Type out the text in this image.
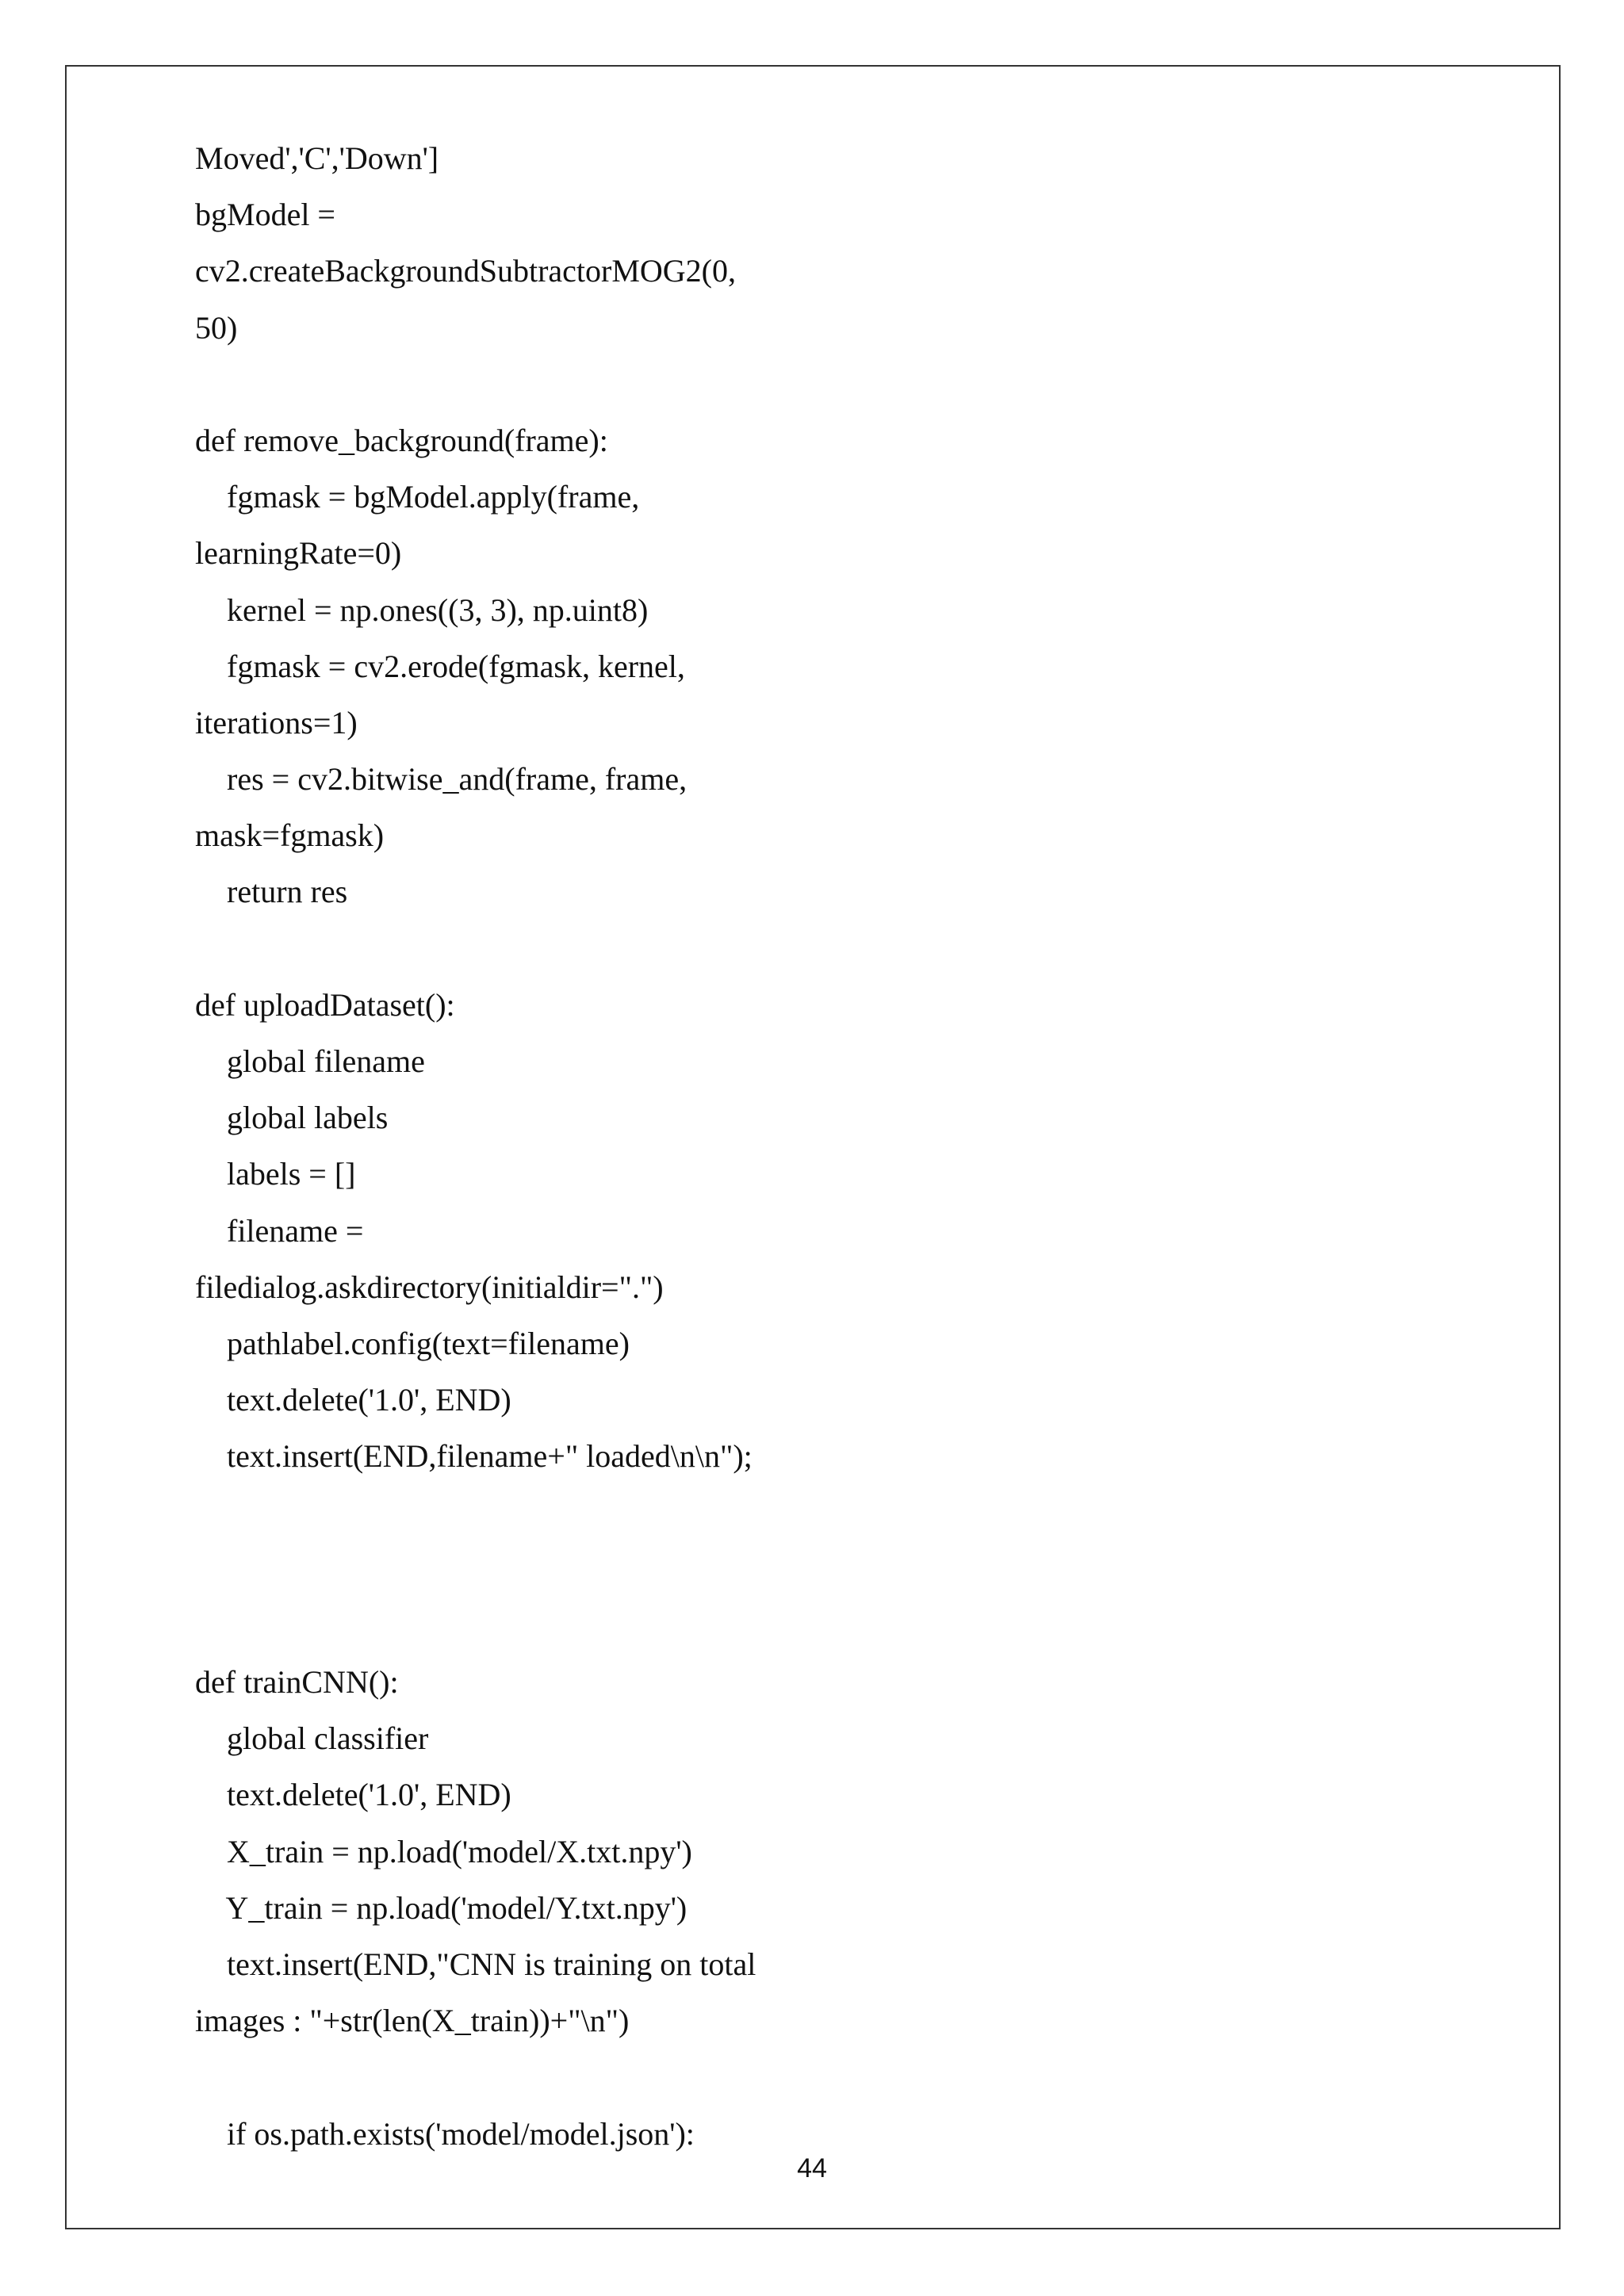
Moved','C','Down']
bgModel =
cv2.createBackgroundSubtractorMOG2(0,
50)
def remove_background(frame):
fgmask = bgModel.apply(frame,
learningRate=0)
kernel = np.ones((3, 3), np.uint8)
fgmask = cv2.erode(fgmask, kernel,
iterations=1)
res = cv2.bitwise_and(frame, frame,
mask=fgmask)
return res
def uploadDataset():
global filename
global labels
labels = []
filename =
filedialog.askdirectory(initialdir=".")
pathlabel.config(text=filename)
text.delete('1.0', END)
text.insert(END,filename+" loaded\n\n");
def trainCNN():
global classifier
text.delete('1.0', END)
X_train = np.load('model/X.txt.npy')
Y_train = np.load('model/Y.txt.npy')
text.insert(END,"CNN is training on total
images : "+str(len(X_train))+"\n")
if os.path.exists('model/model.json'):
44
